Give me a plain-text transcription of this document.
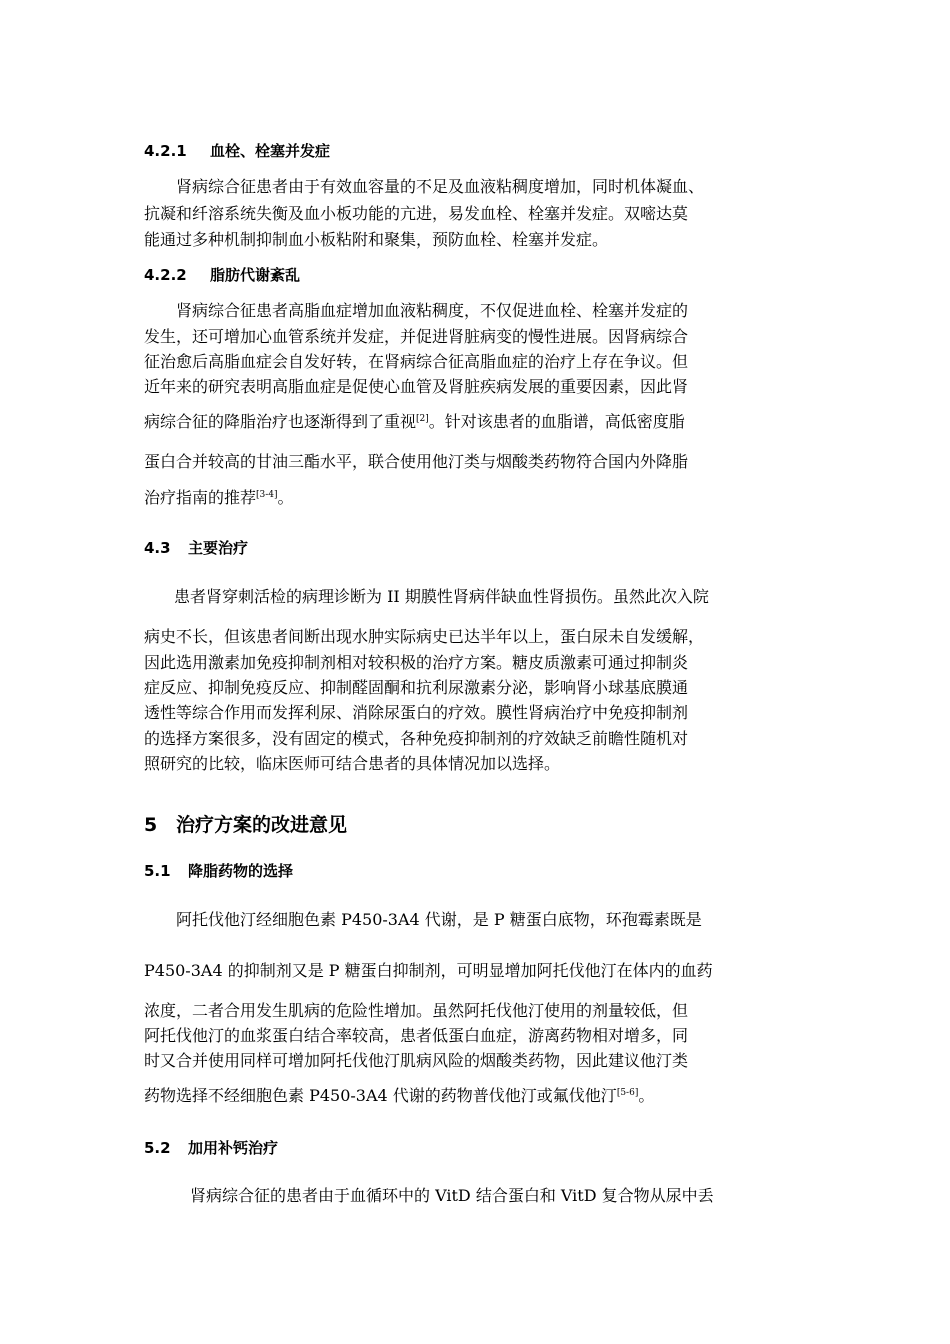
4.2.1 血栓、栓塞并发症
肾病综合征患者由于有效血容量的不足及血液粘稠度增加，同时机体凝血、
抗凝和纤溶系统失衡及血小板功能的亢进，易发血栓、栓塞并发症。双嘧达莫
能通过多种机制抑制血小板粘附和聚集，预防血栓、栓塞并发症。
4.2.2 脂肪代谢紊乱
肾病综合征患者高脂血症增加血液粘稠度，不仅促进血栓、栓塞并发症的
发生，还可增加心血管系统并发症，并促进肾脏病变的慢性进展。因肾病综合
征治愈后高脂血症会自发好转，在肾病综合征高脂血症的治疗上存在争议。但
近年来的研究表明高脂血症是促使心血管及肾脏疾病发展的重要因素，因此肾
病综合征的降脂治疗也逐渐得到了重视[2]。针对该患者的血脂谱，高低密度脂
蛋白合并较高的甘油三酯水平，联合使用他汀类与烟酸类药物符合国内外降脂
治疗指南的推荐[3-4]。
4.3 主要治疗
患者肾穿刺活检的病理诊断为 II 期膜性肾病伴缺血性肾损伤。虽然此次入院
病史不长，但该患者间断出现水肿实际病史已达半年以上，蛋白尿未自发缓解，
因此选用激素加免疫抑制剂相对较积极的治疗方案。糖皮质激素可通过抑制炎
症反应、抑制免疫反应、抑制醛固酮和抗利尿激素分泌，影响肾小球基底膜通
透性等综合作用而发挥利尿、消除尿蛋白的疗效。膜性肾病治疗中免疫抑制剂
的选择方案很多，没有固定的模式，各种免疫抑制剂的疗效缺乏前瞻性随机对
照研究的比较，临床医师可结合患者的具体情况加以选择。
5 治疗方案的改进意见
5.1 降脂药物的选择
阿托伐他汀经细胞色素 P450-3A4 代谢，是 P 糖蛋白底物，环孢霉素既是
P450-3A4 的抑制剂又是 P 糖蛋白抑制剂，可明显增加阿托伐他汀在体内的血药
浓度，二者合用发生肌病的危险性增加。虽然阿托伐他汀使用的剂量较低，但
阿托伐他汀的血浆蛋白结合率较高，患者低蛋白血症，游离药物相对增多，同
时又合并使用同样可增加阿托伐他汀肌病风险的烟酸类药物，因此建议他汀类
药物选择不经细胞色素 P450-3A4 代谢的药物普伐他汀或氟伐他汀[5-6]。
5.2 加用补钙治疗
肾病综合征的患者由于血循环中的 VitD 结合蛋白和 VitD 复合物从尿中丢
